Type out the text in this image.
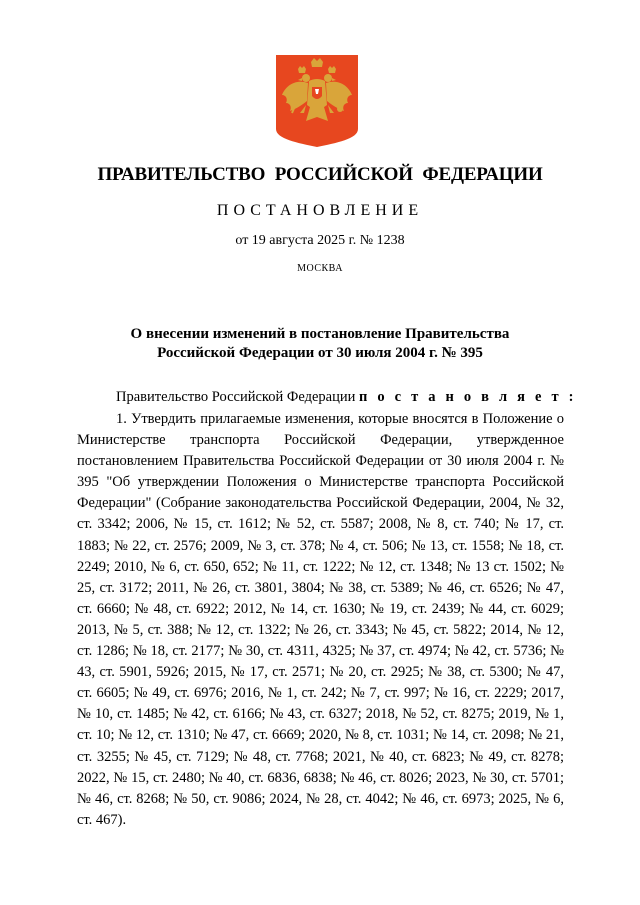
ПРАВИТЕЛЬСТВО РОССИЙСКОЙ ФЕДЕРАЦИИ
ПОСТАНОВЛЕНИЕ
от 19 августа 2025 г. № 1238
МОСКВА
О внесении изменений в постановление Правительства
Российской Федерации от 30 июля 2004 г. № 395
Правительство Российской Федерации п о с т а н о в л я е т :
1. Утвердить прилагаемые изменения, которые вносятся в Положение о Министерстве транспорта Российской Федерации, утвержденное постановлением Правительства Российской Федерации от 30 июля 2004 г. № 395 "Об утверждении Положения о Министерстве транспорта Российской Федерации" (Собрание законодательства Российской Федерации, 2004, № 32, ст. 3342; 2006, № 15, ст. 1612; № 52, ст. 5587; 2008, № 8, ст. 740; № 17, ст. 1883; № 22, ст. 2576; 2009, № 3, ст. 378; № 4, ст. 506; № 13, ст. 1558; № 18, ст. 2249; 2010, № 6, ст. 650, 652; № 11, ст. 1222; № 12, ст. 1348; № 13 ст. 1502; № 25, ст. 3172; 2011, № 26, ст. 3801, 3804; № 38, ст. 5389; № 46, ст. 6526; № 47, ст. 6660; № 48, ст. 6922; 2012, № 14, ст. 1630; № 19, ст. 2439; № 44, ст. 6029; 2013, № 5, ст. 388; № 12, ст. 1322; № 26, ст. 3343; № 45, ст. 5822; 2014, № 12, ст. 1286; № 18, ст. 2177; № 30, ст. 4311, 4325; № 37, ст. 4974; № 42, ст. 5736; № 43, ст. 5901, 5926; 2015, № 17, ст. 2571; № 20, ст. 2925; № 38, ст. 5300; № 47, ст. 6605; № 49, ст. 6976; 2016, № 1, ст. 242; № 7, ст. 997; № 16, ст. 2229; 2017, № 10, ст. 1485; № 42, ст. 6166; № 43, ст. 6327; 2018, № 52, ст. 8275; 2019, № 1, ст. 10; № 12, ст. 1310; № 47, ст. 6669; 2020, № 8, ст. 1031; № 14, ст. 2098; № 21, ст. 3255; № 45, ст. 7129; № 48, ст. 7768; 2021, № 40, ст. 6823; № 49, ст. 8278; 2022, № 15, ст. 2480; № 40, ст. 6836, 6838; № 46, ст. 8026; 2023, № 30, ст. 5701; № 46, ст. 8268; № 50, ст. 9086; 2024, № 28, ст. 4042; № 46, ст. 6973; 2025, № 6, ст. 467).
